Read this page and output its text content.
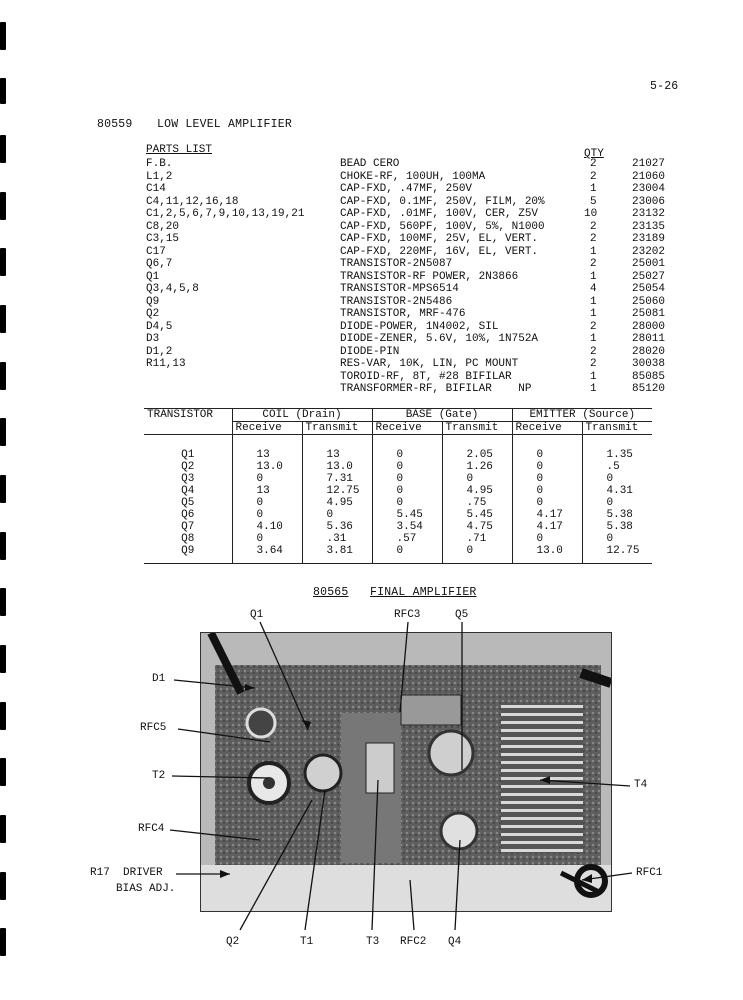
5-26
80559 LOW LEVEL AMPLIFIER
PARTS LIST	QTY
F.B.	BEAD CERO	2	21027
L1,2	CHOKE-RF, 100UH, 100MA	2	21060
C14	CAP-FXD, .47MF, 250V	1	23004
C4,11,12,16,18	CAP-FXD, 0.1MF, 250V, FILM, 20%	5	23006
C1,2,5,6,7,9,10,13,19,21	CAP-FXD, .01MF, 100V, CER, Z5V	10	23132
C8,20	CAP-FXD, 560PF, 100V, 5%, N1000	2	23135
C3,15	CAP-FXD, 100MF, 25V, EL, VERT.	2	23189
C17	CAP-FXD, 220MF, 16V, EL, VERT.	1	23202
Q6,7	TRANSISTOR-2N5087	2	25001
Q1	TRANSISTOR-RF POWER, 2N3866	1	25027
Q3,4,5,8	TRANSISTOR-MPS6514	4	25054
Q9	TRANSISTOR-2N5486	1	25060
Q2	TRANSISTOR, MRF-476	1	25081
D4,5	DIODE-POWER, 1N4002, SIL	2	28000
D3	DIODE-ZENER, 5.6V, 10%, 1N752A	1	28011
D1,2	DIODE-PIN	2	28020
R11,13	RES-VAR, 10K, LIN, PC MOUNT	2	30038
TOROID-RF, 8T, #28 BIFILAR	1	85085
TRANSFORMER-RF, BIFILAR    NP	1	85120
TRANSISTOR	COIL (Drain)		BASE (Gate)		EMITTER (Source)	
	Receive	Transmit	Receive	Transmit	Receive	Transmit

Q1	13	13	0	2.05	0	1.35
Q2	13.0	13.0	0	1.26	0	.5
Q3	0	7.31	0	0	0	0
Q4	13	12.75	0	4.95	0	4.31
Q5	0	4.95	0	.75	0	0
Q6	0	0	5.45	5.45	4.17	5.38
Q7	4.10	5.36	3.54	4.75	4.17	5.38
Q8	0	.31	.57	.71	0	0
Q9	3.64	3.81	0	0	13.0	12.75

80565 FINAL AMPLIFIER
Q1	RFC3	Q5
D1
RFC5
T2
T4
RFC4
R17  DRIVER
BIAS ADJ.
RFC1
Q2	T1	T3 RFC2 Q4
